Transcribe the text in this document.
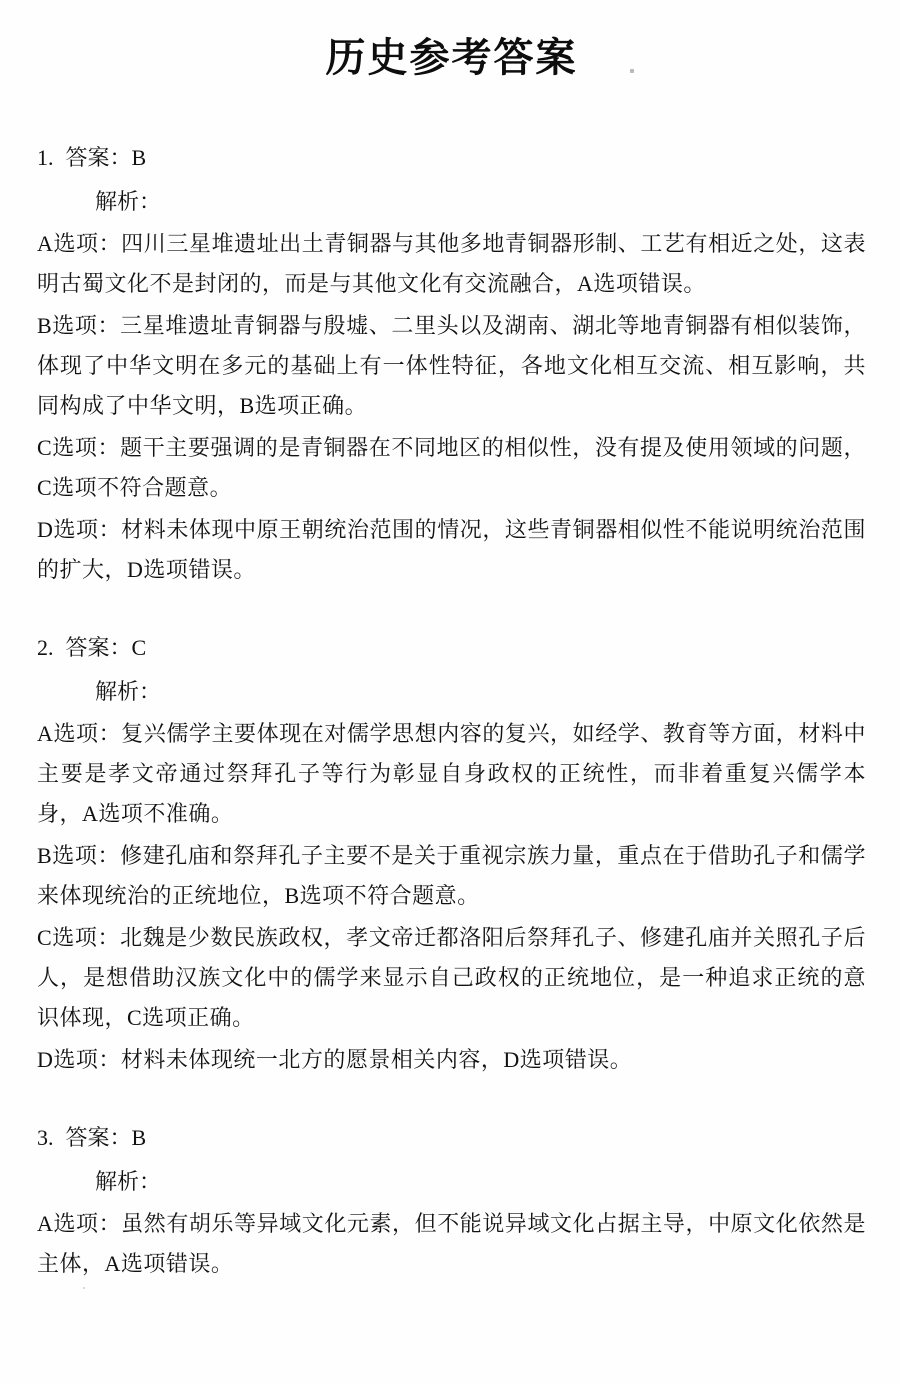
历史参考答案

1. 答案：B

解析：

A选项：四川三星堆遗址出土青铜器与其他多地青铜器形制、工艺有相近之处，这表明古蜀文化不是封闭的，而是与其他文化有交流融合，A选项错误。

B选项：三星堆遗址青铜器与殷墟、二里头以及湖南、湖北等地青铜器有相似装饰，体现了中华文明在多元的基础上有一体性特征，各地文化相互交流、相互影响，共同构成了中华文明，B选项正确。

C选项：题干主要强调的是青铜器在不同地区的相似性，没有提及使用领域的问题，C选项不符合题意。

D选项：材料未体现中原王朝统治范围的情况，这些青铜器相似性不能说明统治范围的扩大，D选项错误。

2. 答案：C

解析：

A选项：复兴儒学主要体现在对儒学思想内容的复兴，如经学、教育等方面，材料中主要是孝文帝通过祭拜孔子等行为彰显自身政权的正统性，而非着重复兴儒学本身，A选项不准确。

B选项：修建孔庙和祭拜孔子主要不是关于重视宗族力量，重点在于借助孔子和儒学来体现统治的正统地位，B选项不符合题意。

C选项：北魏是少数民族政权，孝文帝迁都洛阳后祭拜孔子、修建孔庙并关照孔子后人，是想借助汉族文化中的儒学来显示自己政权的正统地位，是一种追求正统的意识体现，C选项正确。

D选项：材料未体现统一北方的愿景相关内容，D选项错误。

3. 答案：B

解析：

A选项：虽然有胡乐等异域文化元素，但不能说异域文化占据主导，中原文化依然是主体，A选项错误。
